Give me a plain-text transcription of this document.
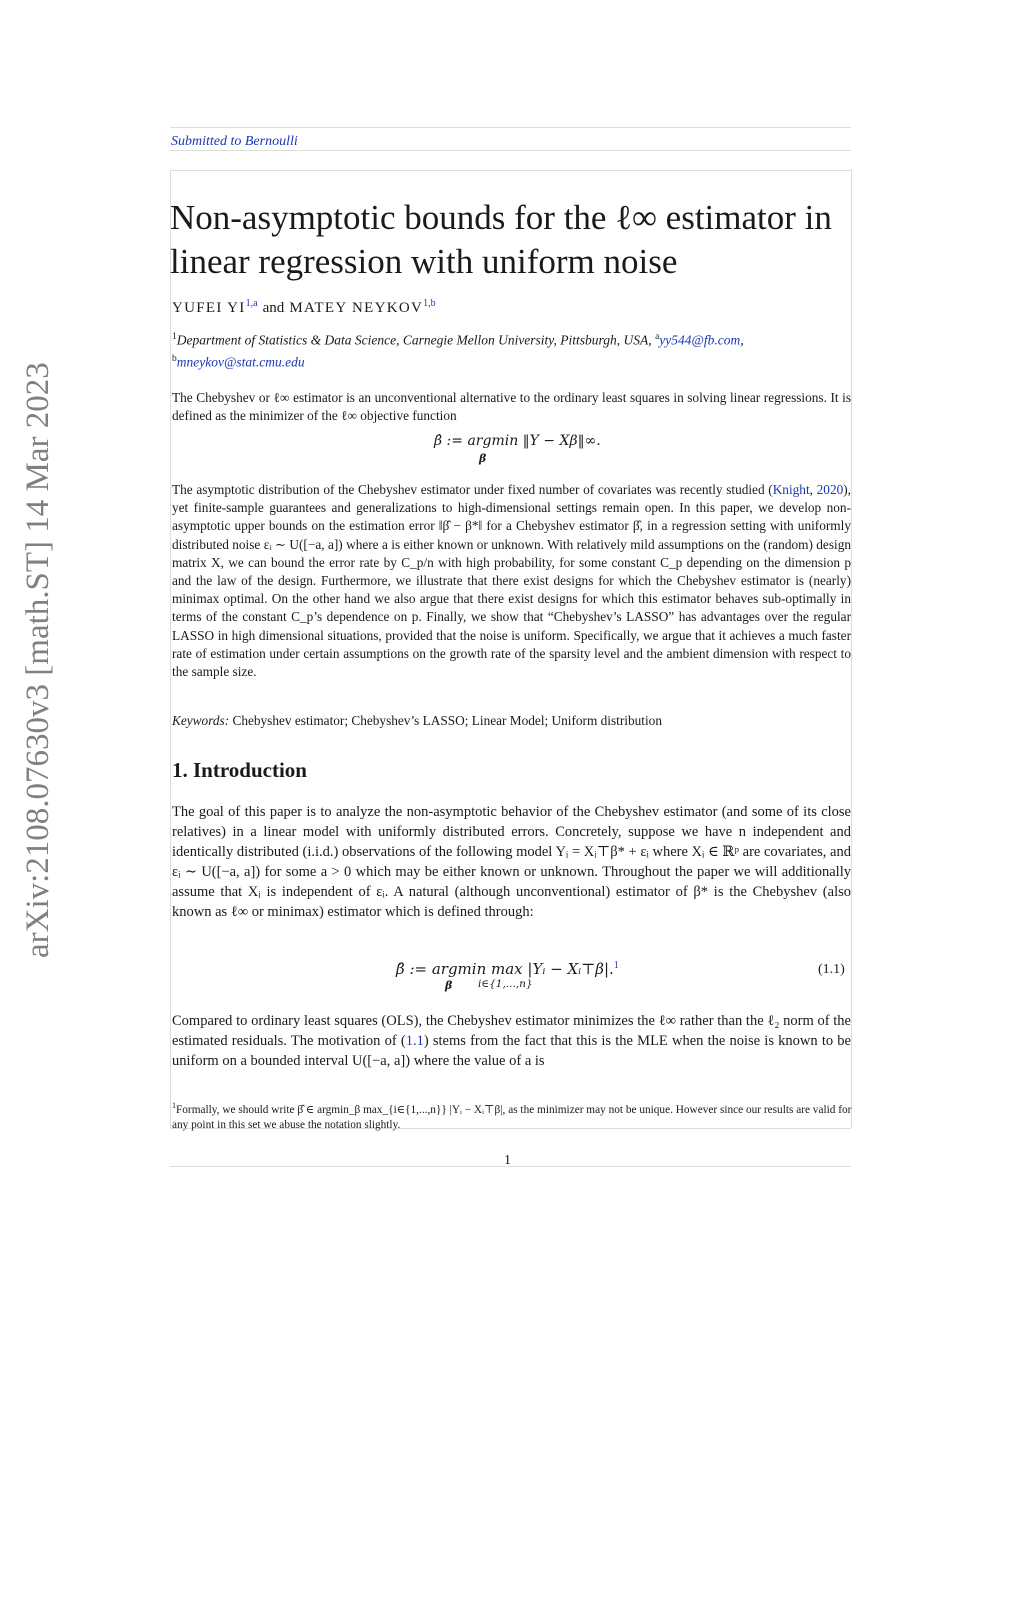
arXiv:2108.07630v3 [math.ST] 14 Mar 2023
Submitted to Bernoulli
Non-asymptotic bounds for the ℓ∞ estimator in
linear regression with uniform noise
YUFEI YI$^{1,a}$ and MATEY NEYKOV$^{1,b}$
$^1$Department of Statistics & Data Science, Carnegie Mellon University, Pittsburgh, USA, $^a$yy544@fb.com,
$^b$mneykov@stat.cmu.edu
The Chebyshev or ℓ∞ estimator is an unconventional alternative to the ordinary least squares in solving linear regressions. It is defined as the minimizer of the ℓ∞ objective function
β̂ := argmin ‖Y − Xβ‖∞.
β
The asymptotic distribution of the Chebyshev estimator under fixed number of covariates was recently studied (Knight, 2020), yet finite-sample guarantees and generalizations to high-dimensional settings remain open. In this paper, we develop non-asymptotic upper bounds on the estimation error ‖β̂ − β*‖ for a Chebyshev estimator β̂, in a regression setting with uniformly distributed noise εᵢ ∼ U([−a, a]) where a is either known or unknown. With relatively mild assumptions on the (random) design matrix X, we can bound the error rate by C_p/n with high probability, for some constant C_p depending on the dimension p and the law of the design. Furthermore, we illustrate that there exist designs for which the Chebyshev estimator is (nearly) minimax optimal. On the other hand we also argue that there exist designs for which this estimator behaves sub-optimally in terms of the constant C_p’s dependence on p. Finally, we show that “Chebyshev’s LASSO” has advantages over the regular LASSO in high dimensional situations, provided that the noise is uniform. Specifically, we argue that it achieves a much faster rate of estimation under certain assumptions on the growth rate of the sparsity level and the ambient dimension with respect to the sample size.
Keywords: Chebyshev estimator; Chebyshev’s LASSO; Linear Model; Uniform distribution
1. Introduction
The goal of this paper is to analyze the non-asymptotic behavior of the Chebyshev estimator (and some of its close relatives) in a linear model with uniformly distributed errors. Concretely, suppose we have n independent and identically distributed (i.i.d.) observations of the following model Yᵢ = Xᵢ⊤β* + εᵢ where Xᵢ ∈ ℝᵖ are covariates, and εᵢ ∼ U([−a, a]) for some a > 0 which may be either known or unknown. Throughout the paper we will additionally assume that Xᵢ is independent of εᵢ. A natural (although unconventional) estimator of β* is the Chebyshev (also known as ℓ∞ or minimax) estimator which is defined through:
β̂ := argmin max |Yᵢ − Xᵢ⊤β|.$^1$
β i∈{1,...,n}
(1.1)
Compared to ordinary least squares (OLS), the Chebyshev estimator minimizes the ℓ∞ rather than the ℓ₂ norm of the estimated residuals. The motivation of (1.1) stems from the fact that this is the MLE when the noise is known to be uniform on a bounded interval U([−a, a]) where the value of a is
$^1$Formally, we should write β̂ ∈ argmin_β max_{i∈{1,...,n}} |Yᵢ − Xᵢ⊤β|, as the minimizer may not be unique. However since our results are valid for any point in this set we abuse the notation slightly.
1
